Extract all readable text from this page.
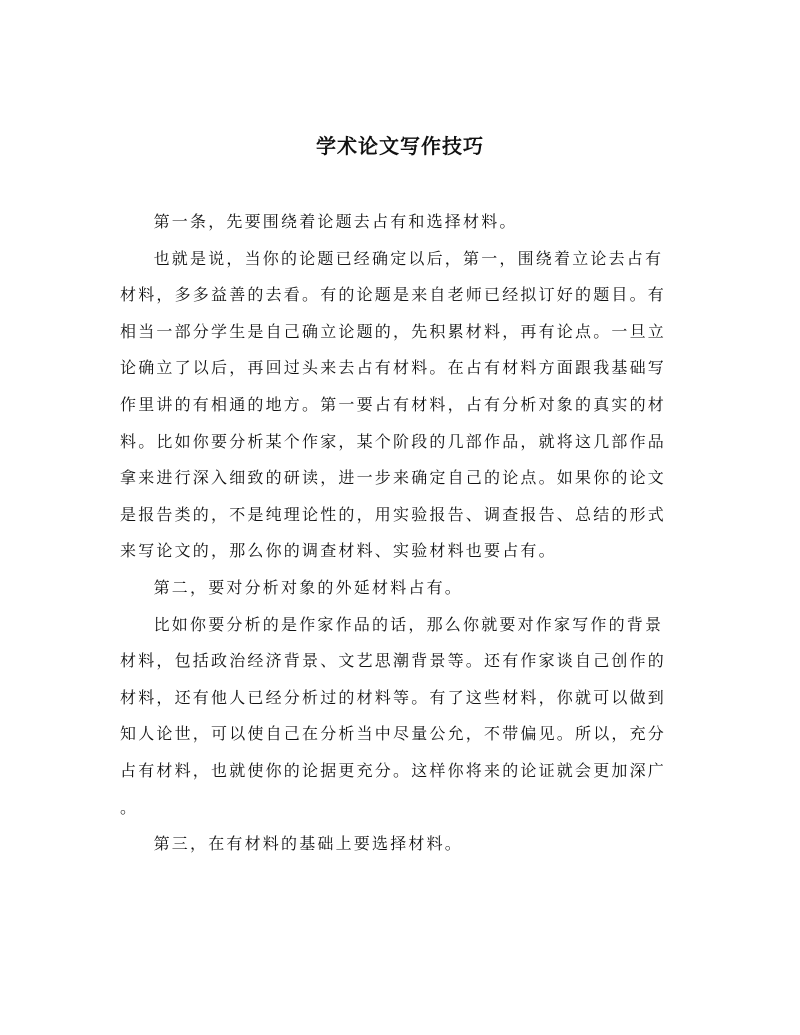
学术论文写作技巧

第一条，先要围绕着论题去占有和选择材料。

也就是说，当你的论题已经确定以后，第一，围绕着立论去占有
材料，多多益善的去看。有的论题是来自老师已经拟订好的题目。有
相当一部分学生是自己确立论题的，先积累材料，再有论点。一旦立
论确立了以后，再回过头来去占有材料。在占有材料方面跟我基础写
作里讲的有相通的地方。第一要占有材料，占有分析对象的真实的材
料。比如你要分析某个作家，某个阶段的几部作品，就将这几部作品
拿来进行深入细致的研读，进一步来确定自己的论点。如果你的论文
是报告类的，不是纯理论性的，用实验报告、调查报告、总结的形式
来写论文的，那么你的调查材料、实验材料也要占有。

第二，要对分析对象的外延材料占有。

比如你要分析的是作家作品的话，那么你就要对作家写作的背景
材料，包括政治经济背景、文艺思潮背景等。还有作家谈自己创作的
材料，还有他人已经分析过的材料等。有了这些材料，你就可以做到
知人论世，可以使自己在分析当中尽量公允，不带偏见。所以，充分
占有材料，也就使你的论据更充分。这样你将来的论证就会更加深广
。

第三，在有材料的基础上要选择材料。
